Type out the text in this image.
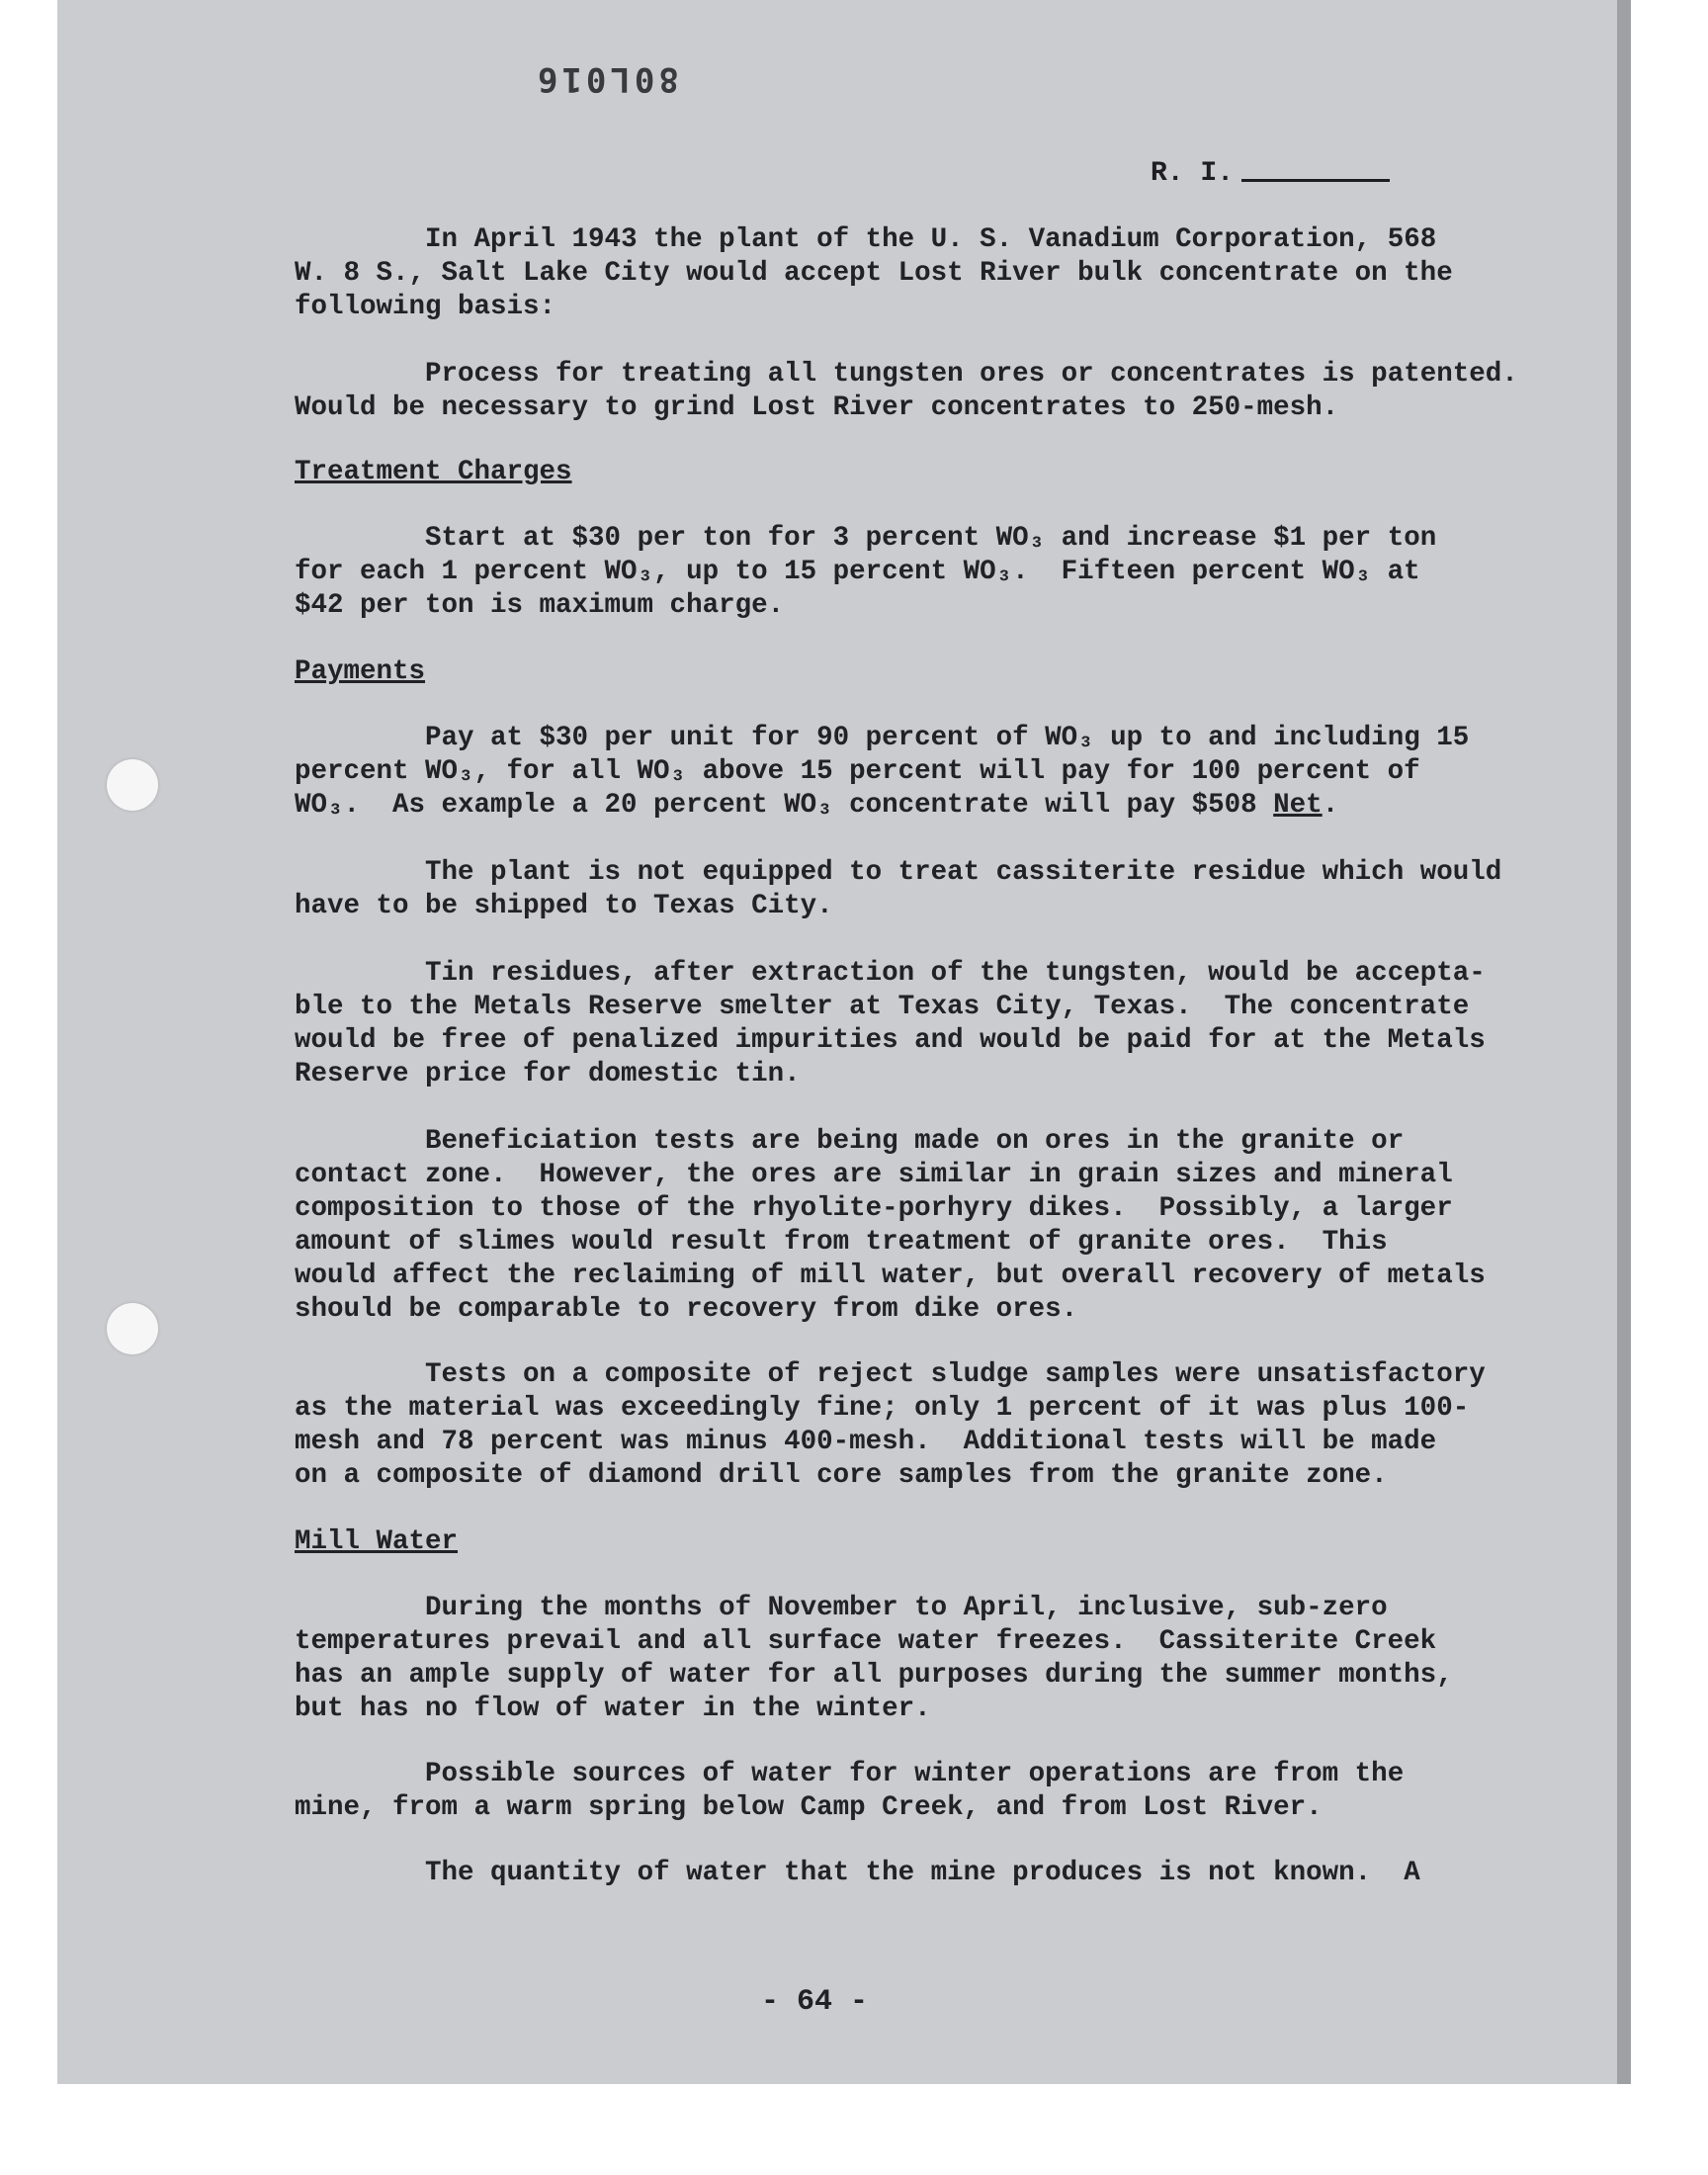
80L016
R. I.

In April 1943 the plant of the U. S. Vanadium Corporation, 568
W. 8 S., Salt Lake City would accept Lost River bulk concentrate on the
following basis:

Process for treating all tungsten ores or concentrates is patented.
Would be necessary to grind Lost River concentrates to 250-mesh.

Treatment Charges

Start at $30 per ton for 3 percent WO₃ and increase $1 per ton
for each 1 percent WO₃, up to 15 percent WO₃.  Fifteen percent WO₃ at
$42 per ton is maximum charge.

Payments

Pay at $30 per unit for 90 percent of WO₃ up to and including 15
percent WO₃, for all WO₃ above 15 percent will pay for 100 percent of
WO₃.  As example a 20 percent WO₃ concentrate will pay $508 Net.

The plant is not equipped to treat cassiterite residue which would
have to be shipped to Texas City.

Tin residues, after extraction of the tungsten, would be accepta-
ble to the Metals Reserve smelter at Texas City, Texas.  The concentrate
would be free of penalized impurities and would be paid for at the Metals
Reserve price for domestic tin.

Beneficiation tests are being made on ores in the granite or
contact zone.  However, the ores are similar in grain sizes and mineral
composition to those of the rhyolite-porhyry dikes.  Possibly, a larger
amount of slimes would result from treatment of granite ores.  This
would affect the reclaiming of mill water, but overall recovery of metals
should be comparable to recovery from dike ores.

Tests on a composite of reject sludge samples were unsatisfactory
as the material was exceedingly fine; only 1 percent of it was plus 100-
mesh and 78 percent was minus 400-mesh.  Additional tests will be made
on a composite of diamond drill core samples from the granite zone.

Mill Water

During the months of November to April, inclusive, sub-zero
temperatures prevail and all surface water freezes.  Cassiterite Creek
has an ample supply of water for all purposes during the summer months,
but has no flow of water in the winter.

Possible sources of water for winter operations are from the
mine, from a warm spring below Camp Creek, and from Lost River.

The quantity of water that the mine produces is not known.  A

- 64 -
